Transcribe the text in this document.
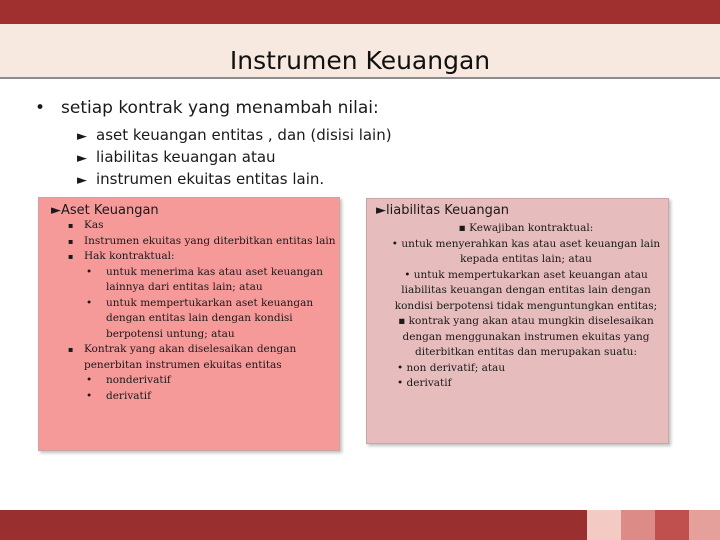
Instrumen Keuangan
• setiap kontrak yang menambah nilai:
► aset keuangan entitas , dan (disisi lain)
► liabilitas keuangan atau
► instrumen ekuitas entitas lain.
►Aset Keuangan
▪ Kas
▪ Instrumen ekuitas yang diterbitkan entitas lain
▪ Hak kontraktual:
• untuk menerima kas atau aset keuangan lainnya dari entitas lain; atau
• untuk mempertukarkan aset keuangan dengan entitas lain dengan kondisi berpotensi untung; atau
▪ Kontrak yang akan diselesaikan dengan penerbitan instrumen ekuitas entitas
• nonderivatif
• derivatif
►liabilitas Keuangan
▪ Kewajiban kontraktual:
• untuk menyerahkan kas atau aset keuangan lain kepada entitas lain; atau
• untuk mempertukarkan aset keuangan atau liabilitas keuangan dengan entitas lain dengan kondisi berpotensi tidak menguntungkan entitas;
▪ kontrak yang akan atau mungkin diselesaikan dengan menggunakan instrumen ekuitas yang diterbitkan entitas dan merupakan suatu:
• non derivatif; atau
• derivatif
